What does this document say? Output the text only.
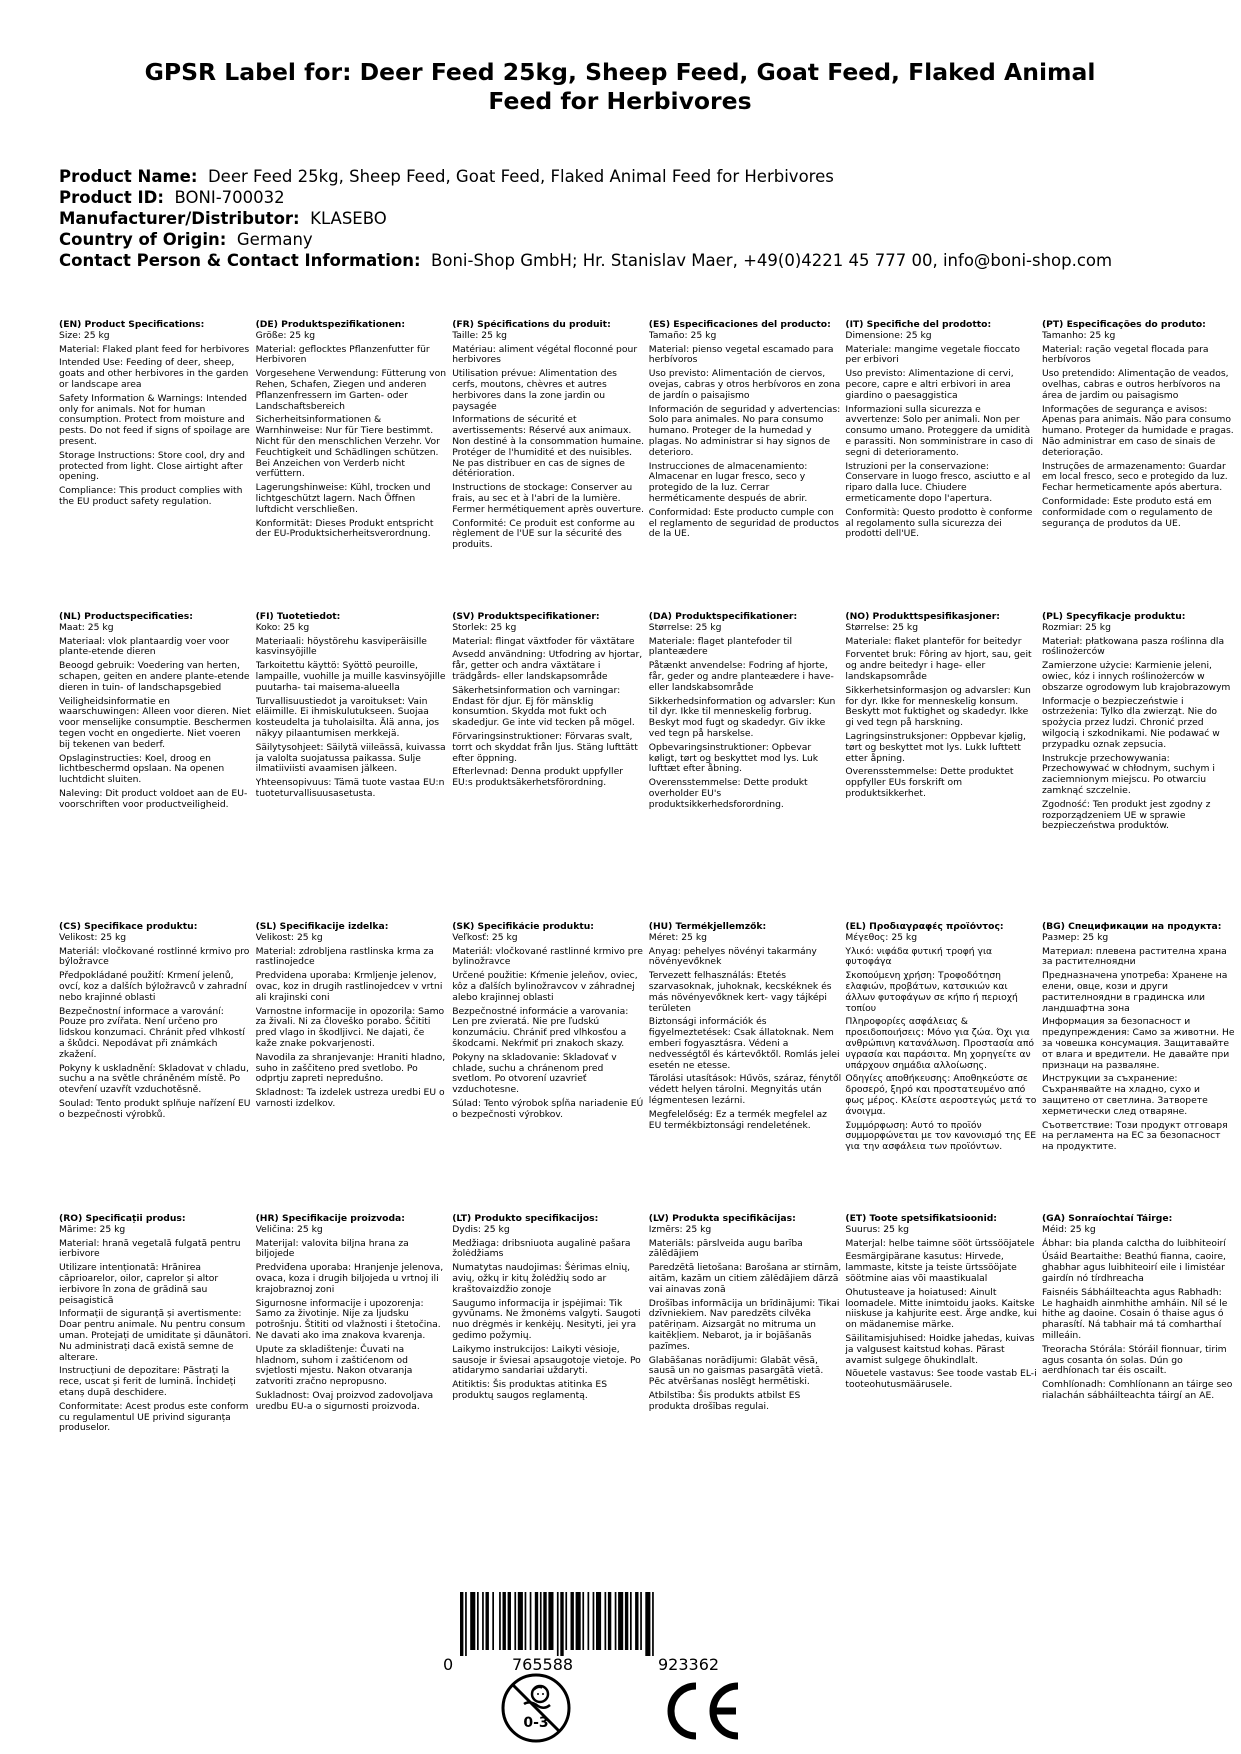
GPSR Label for: Deer Feed 25kg, Sheep Feed, Goat Feed, Flaked Animal Feed for Herbivores
Product Name: Deer Feed 25kg, Sheep Feed, Goat Feed, Flaked Animal Feed for Herbivores
Product ID: BONI-700032
Manufacturer/Distributor: KLASEBO
Country of Origin: Germany
Contact Person & Contact Information: Boni-Shop GmbH; Hr. Stanislav Maer, +49(0)4221 45 777 00, info@boni-shop.com
(EN) Product Specifications:
Size: 25 kg
Material: Flaked plant feed for herbivores
Intended Use: Feeding of deer, sheep, goats and other herbivores in the garden or landscape area
Safety Information & Warnings: Intended only for animals. Not for human consumption. Protect from moisture and pests. Do not feed if signs of spoilage are present.
Storage Instructions: Store cool, dry and protected from light. Close airtight after opening.
Compliance: This product complies with the EU product safety regulation.
(DE) Produktspezifikationen:
Größe: 25 kg
Material: geflocktes Pflanzenfutter für Herbivoren
Vorgesehene Verwendung: Fütterung von Rehen, Schafen, Ziegen und anderen Pflanzenfressern im Garten- oder Landschaftsbereich
Sicherheitsinformationen & Warnhinweise: Nur für Tiere bestimmt. Nicht für den menschlichen Verzehr. Vor Feuchtigkeit und Schädlingen schützen. Bei Anzeichen von Verderb nicht verfüttern.
Lagerungshinweise: Kühl, trocken und lichtgeschützt lagern. Nach Öffnen luftdicht verschließen.
Konformität: Dieses Produkt entspricht der EU-Produktsicherheitsverordnung.
(FR) Spécifications du produit:
Taille: 25 kg
Matériau: aliment végétal floconné pour herbivores
Utilisation prévue: Alimentation des cerfs, moutons, chèvres et autres herbivores dans la zone jardin ou paysagée
Informations de sécurité et avertissements: Réservé aux animaux. Non destiné à la consommation humaine. Protéger de l'humidité et des nuisibles. Ne pas distribuer en cas de signes de détérioration.
Instructions de stockage: Conserver au frais, au sec et à l'abri de la lumière. Fermer hermétiquement après ouverture.
Conformité: Ce produit est conforme au règlement de l'UE sur la sécurité des produits.
(ES) Especificaciones del producto:
Tamaño: 25 kg
Material: pienso vegetal escamado para herbívoros
Uso previsto: Alimentación de ciervos, ovejas, cabras y otros herbívoros en zona de jardín o paisajismo
Información de seguridad y advertencias: Solo para animales. No para consumo humano. Proteger de la humedad y plagas. No administrar si hay signos de deterioro.
Instrucciones de almacenamiento: Almacenar en lugar fresco, seco y protegido de la luz. Cerrar herméticamente después de abrir.
Conformidad: Este producto cumple con el reglamento de seguridad de productos de la UE.
(IT) Specifiche del prodotto:
Dimensione: 25 kg
Materiale: mangime vegetale fioccato per erbivori
Uso previsto: Alimentazione di cervi, pecore, capre e altri erbivori in area giardino o paesaggistica
Informazioni sulla sicurezza e avvertenze: Solo per animali. Non per consumo umano. Proteggere da umidità e parassiti. Non somministrare in caso di segni di deterioramento.
Istruzioni per la conservazione: Conservare in luogo fresco, asciutto e al riparo dalla luce. Chiudere ermeticamente dopo l'apertura.
Conformità: Questo prodotto è conforme al regolamento sulla sicurezza dei prodotti dell'UE.
(PT) Especificações do produto:
Tamanho: 25 kg
Material: ração vegetal flocada para herbívoros
Uso pretendido: Alimentação de veados, ovelhas, cabras e outros herbívoros na área de jardim ou paisagismo
Informações de segurança e avisos: Apenas para animais. Não para consumo humano. Proteger da humidade e pragas. Não administrar em caso de sinais de deterioração.
Instruções de armazenamento: Guardar em local fresco, seco e protegido da luz. Fechar hermeticamente após abertura.
Conformidade: Este produto está em conformidade com o regulamento de segurança de produtos da UE.
(NL) Productspecificaties:
Maat: 25 kg
Materiaal: vlok plantaardig voer voor plante-etende dieren
Beoogd gebruik: Voedering van herten, schapen, geiten en andere plante-etende dieren in tuin- of landschapsgebied
Veiligheidsinformatie en waarschuwingen: Alleen voor dieren. Niet voor menselijke consumptie. Beschermen tegen vocht en ongedierte. Niet voeren bij tekenen van bederf.
Opslaginstructies: Koel, droog en lichtbeschermd opslaan. Na openen luchtdicht sluiten.
Naleving: Dit product voldoet aan de EU-voorschriften voor productveiligheid.
(FI) Tuotetiedot:
Koko: 25 kg
Materiaali: höystörehu kasviperäisille kasvinsyöjille
Tarkoitettu käyttö: Syöttö peuroille, lampaille, vuohille ja muille kasvinsyöjille puutarha- tai maisema-alueella
Turvallisuustiedot ja varoitukset: Vain eläimille. Ei ihmiskulutukseen. Suojaa kosteudelta ja tuholaisilta. Älä anna, jos näkyy pilaantumisen merkkejä.
Säilytysohjeet: Säilytä viileässä, kuivassa ja valolta suojatussa paikassa. Sulje ilmatiiviisti avaamisen jälkeen.
Yhteensopivuus: Tämä tuote vastaa EU:n tuoteturvallisuusasetusta.
(SV) Produktspecifikationer:
Storlek: 25 kg
Material: flingat växtfoder för växtätare
Avsedd användning: Utfodring av hjortar, får, getter och andra växtätare i trädgårds- eller landskapsområde
Säkerhetsinformation och varningar: Endast för djur. Ej för mänsklig konsumtion. Skydda mot fukt och skadedjur. Ge inte vid tecken på mögel.
Förvaringsinstruktioner: Förvaras svalt, torrt och skyddat från ljus. Stäng lufttätt efter öppning.
Efterlevnad: Denna produkt uppfyller EU:s produktsäkerhetsförordning.
(DA) Produktspecifikationer:
Størrelse: 25 kg
Materiale: flaget plantefoder til planteædere
Påtænkt anvendelse: Fodring af hjorte, får, geder og andre planteædere i have- eller landskabsområde
Sikkerhedsinformation og advarsler: Kun til dyr. Ikke til menneskelig forbrug. Beskyt mod fugt og skadedyr. Giv ikke ved tegn på harskelse.
Opbevaringsinstruktioner: Opbevar køligt, tørt og beskyttet mod lys. Luk lufttæt efter åbning.
Overensstemmelse: Dette produkt overholder EU's produktsikkerhedsforordning.
(NO) Produkttspesifikasjoner:
Størrelse: 25 kg
Materiale: flaket planteför for beitedyr
Forventet bruk: Fôring av hjort, sau, geit og andre beitedyr i hage- eller landskapsområde
Sikkerhetsinformasjon og advarsler: Kun for dyr. Ikke for menneskelig konsum. Beskytt mot fuktighet og skadedyr. Ikke gi ved tegn på harskning.
Lagringsinstruksjoner: Oppbevar kjølig, tørt og beskyttet mot lys. Lukk lufttett etter åpning.
Overensstemmelse: Dette produktet oppfyller EUs forskrift om produktsikkerhet.
(PL) Specyfikacje produktu:
Rozmiar: 25 kg
Materiał: płatkowana pasza roślinna dla roślinożerców
Zamierzone użycie: Karmienie jeleni, owiec, kóz i innych roślinożerców w obszarze ogrodowym lub krajobrazowym
Informacje o bezpieczeństwie i ostrzeżenia: Tylko dla zwierząt. Nie do spożycia przez ludzi. Chronić przed wilgocią i szkodnikami. Nie podawać w przypadku oznak zepsucia.
Instrukcje przechowywania: Przechowywać w chłodnym, suchym i zaciemnionym miejscu. Po otwarciu zamknąć szczelnie.
Zgodność: Ten produkt jest zgodny z rozporządzeniem UE w sprawie bezpieczeństwa produktów.
(CS) Specifikace produktu:
Velikost: 25 kg
Materiál: vločkované rostlinné krmivo pro býložravce
Předpokládané použití: Krmení jelenů, ovcí, koz a dalších býložravců v zahradní nebo krajinné oblasti
Bezpečnostní informace a varování: Pouze pro zvířata. Není určeno pro lidskou konzumaci. Chránit před vlhkostí a škůdci. Nepodávat při známkách zkažení.
Pokyny k uskladnění: Skladovat v chladu, suchu a na světle chráněném místě. Po otevření uzavřít vzduchotěsně.
Soulad: Tento produkt splňuje nařízení EU o bezpečnosti výrobků.
(SL) Specifikacije izdelka:
Velikost: 25 kg
Material: zdrobljena rastlinska krma za rastlinojedce
Predvidena uporaba: Krmljenje jelenov, ovac, koz in drugih rastlinojedcev v vrtni ali krajinski coni
Varnostne informacije in opozorila: Samo za živali. Ni za človeško porabo. Ščititi pred vlago in škodljivci. Ne dajati, če kaže znake pokvarjenosti.
Navodila za shranjevanje: Hraniti hladno, suho in zaščiteno pred svetlobo. Po odprtju zapreti nepredušno.
Skladnost: Ta izdelek ustreza uredbi EU o varnosti izdelkov.
(SK) Špecifikácie produktu:
Veľkosť: 25 kg
Materiál: vločkované rastlinné krmivo pre bylinožravce
Určené použitie: Kŕmenie jeleňov, oviec, kôz a ďalších bylinožravcov v záhradnej alebo krajinnej oblasti
Bezpečnostné informácie a varovania: Len pre zvieratá. Nie pre ľudskú konzumáciu. Chrániť pred vlhkosťou a škodcami. Nekŕmiť pri znakoch skazy.
Pokyny na skladovanie: Skladovať v chlade, suchu a chránenom pred svetlom. Po otvorení uzavrieť vzduchotesne.
Súlad: Tento výrobok spĺňa nariadenie EÚ o bezpečnosti výrobkov.
(HU) Termékjellemzők:
Méret: 25 kg
Anyag: pehelyes növényi takarmány növényevőknek
Tervezett felhasználás: Etetés szarvasoknak, juhoknak, kecskéknek és más növényevőknek kert- vagy tájképi területen
Biztonsági információk és figyelmeztetések: Csak állatoknak. Nem emberi fogyasztásra. Védeni a nedvességtől és kártevőktől. Romlás jelei esetén ne etesse.
Tárolási utasítások: Hűvös, száraz, fénytől védett helyen tárolni. Megnyitás után légmentesen lezárni.
Megfelelőség: Ez a termék megfelel az EU termékbiztonsági rendeletének.
(EL) Προδιαγραφές προϊόντος:
Μέγεθος: 25 kg
Υλικό: νιφάδα φυτική τροφή για φυτοφάγα
Σκοπούμενη χρήση: Τροφοδότηση ελαφιών, προβάτων, κατσικιών και άλλων φυτοφάγων σε κήπο ή περιοχή τοπίου
Πληροφορίες ασφάλειας & προειδοποιήσεις: Μόνο για ζώα. Όχι για ανθρώπινη κατανάλωση. Προστασία από υγρασία και παράσιτα. Μη χορηγείτε αν υπάρχουν σημάδια αλλοίωσης.
Οδηγίες αποθήκευσης: Αποθηκεύστε σε δροσερό, ξηρό και προστατευμένο από φως μέρος. Κλείστε αεροστεγώς μετά το άνοιγμα.
Συμμόρφωση: Αυτό το προϊόν συμμορφώνεται με τον κανονισμό της ΕΕ για την ασφάλεια των προϊόντων.
(BG) Спецификации на продукта:
Размер: 25 kg
Материал: плевена растителна храна за растителноядни
Предназначена употреба: Хранене на елени, овце, кози и други растителноядни в градинска или ландшафтна зона
Информация за безопасност и предупреждения: Само за животни. Не за човешка консумация. Защитавайте от влага и вредители. Не давайте при признаци на разваляне.
Инструкции за съхранение: Съхранявайте на хладно, сухо и защитено от светлина. Затворете херметически след отваряне.
Съответствие: Този продукт отговаря на регламента на ЕС за безопасност на продуктите.
(RO) Specificații produs:
Mărime: 25 kg
Material: hrană vegetală fulgată pentru ierbivore
Utilizare intenționată: Hrănirea căprioarelor, oilor, caprelor și altor ierbivore în zona de grădină sau peisagistică
Informații de siguranță și avertismente: Doar pentru animale. Nu pentru consum uman. Protejați de umiditate și dăunători. Nu administrați dacă există semne de alterare.
Instrucțiuni de depozitare: Păstrați la rece, uscat și ferit de lumină. Închideți etanș după deschidere.
Conformitate: Acest produs este conform cu regulamentul UE privind siguranța produselor.
(HR) Specifikacije proizvoda:
Veličina: 25 kg
Materijal: valovita biljna hrana za biljojede
Predviđena uporaba: Hranjenje jelenova, ovaca, koza i drugih biljojeda u vrtnoj ili krajobraznoj zoni
Sigurnosne informacije i upozorenja: Samo za životinje. Nije za ljudsku potrošnju. Štititi od vlažnosti i štetočina. Ne davati ako ima znakova kvarenja.
Upute za skladištenje: Čuvati na hladnom, suhom i zaštićenom od svjetlosti mjestu. Nakon otvaranja zatvoriti zračno nepropusno.
Sukladnost: Ovaj proizvod zadovoljava uredbu EU-a o sigurnosti proizvoda.
(LT) Produkto specifikacijos:
Dydis: 25 kg
Medžiaga: dribsniuota augalinė pašara žolėdžiams
Numatytas naudojimas: Šėrimas elnių, avių, ožkų ir kitų žolėdžių sodo ar kraštovaizdžio zonoje
Saugumo informacija ir įspėjimai: Tik gyvūnams. Ne žmonėms valgyti. Saugoti nuo drėgmės ir kenkėjų. Nesityti, jei yra gedimo požymių.
Laikymo instrukcijos: Laikyti vėsioje, sausoje ir šviesai apsaugotoje vietoje. Po atidarymo sandariai uždaryti.
Atitiktis: Šis produktas atitinka ES produktų saugos reglamentą.
(LV) Produkta specifikācijas:
Izmērs: 25 kg
Materiāls: pārslveida augu barība zālēdājiem
Paredzētā lietošana: Barošana ar stirnām, aitām, kazām un citiem zālēdājiem dārzā vai ainavas zonā
Drošības informācija un brīdinājumi: Tikai dzīvniekiem. Nav paredzēts cilvēka patēriņam. Aizsargāt no mitruma un kaitēkļiem. Nebarot, ja ir bojāšanās pazīmes.
Glabāšanas norādījumi: Glabāt vēsā, sausā un no gaismas pasargātā vietā. Pēc atvēršanas noslēgt hermētiski.
Atbilstība: Šis produkts atbilst ES produkta drošības regulai.
(ET) Toote spetsifikatsioonid:
Suurus: 25 kg
Materjal: helbe taimne sööt ürtssööjatele
Eesmärgipärane kasutus: Hirvede, lammaste, kitste ja teiste ürtssööjate söötmine aias või maastikualal
Ohutusteave ja hoiatused: Ainult loomadele. Mitte inimtoidu jaoks. Kaitske niiskuse ja kahjurite eest. Ärge andke, kui on mädanemise märke.
Säilitamisjuhised: Hoidke jahedas, kuivas ja valgusest kaitstud kohas. Pärast avamist sulgege õhukindlalt.
Nõuetele vastavus: See toode vastab EL-i tooteohutusmäärusele.
(GA) Sonraíochtaí Táirge:
Méid: 25 kg
Ábhar: bia planda calctha do luibhiteoirí
Úsáid Beartaithe: Beathú fianna, caoire, ghabhar agus luibhiteoirí eile i limistéar gairdín nó tírdhreacha
Faisnéis Sábháilteachta agus Rabhadh: Le haghaidh ainmhithe amháin. Níl sé le hithe ag daoine. Cosain ó thaise agus ó pharasítí. Ná tabhair má tá comharthaí milleáin.
Treoracha Stórála: Stóráil fionnuar, tirim agus cosanta ón solas. Dún go aerdhíonach tar éis oscailt.
Comhlíonadh: Comhlíonann an táirge seo rialachán sábháilteachta táirgí an AE.
0	765588	923362
0-3
